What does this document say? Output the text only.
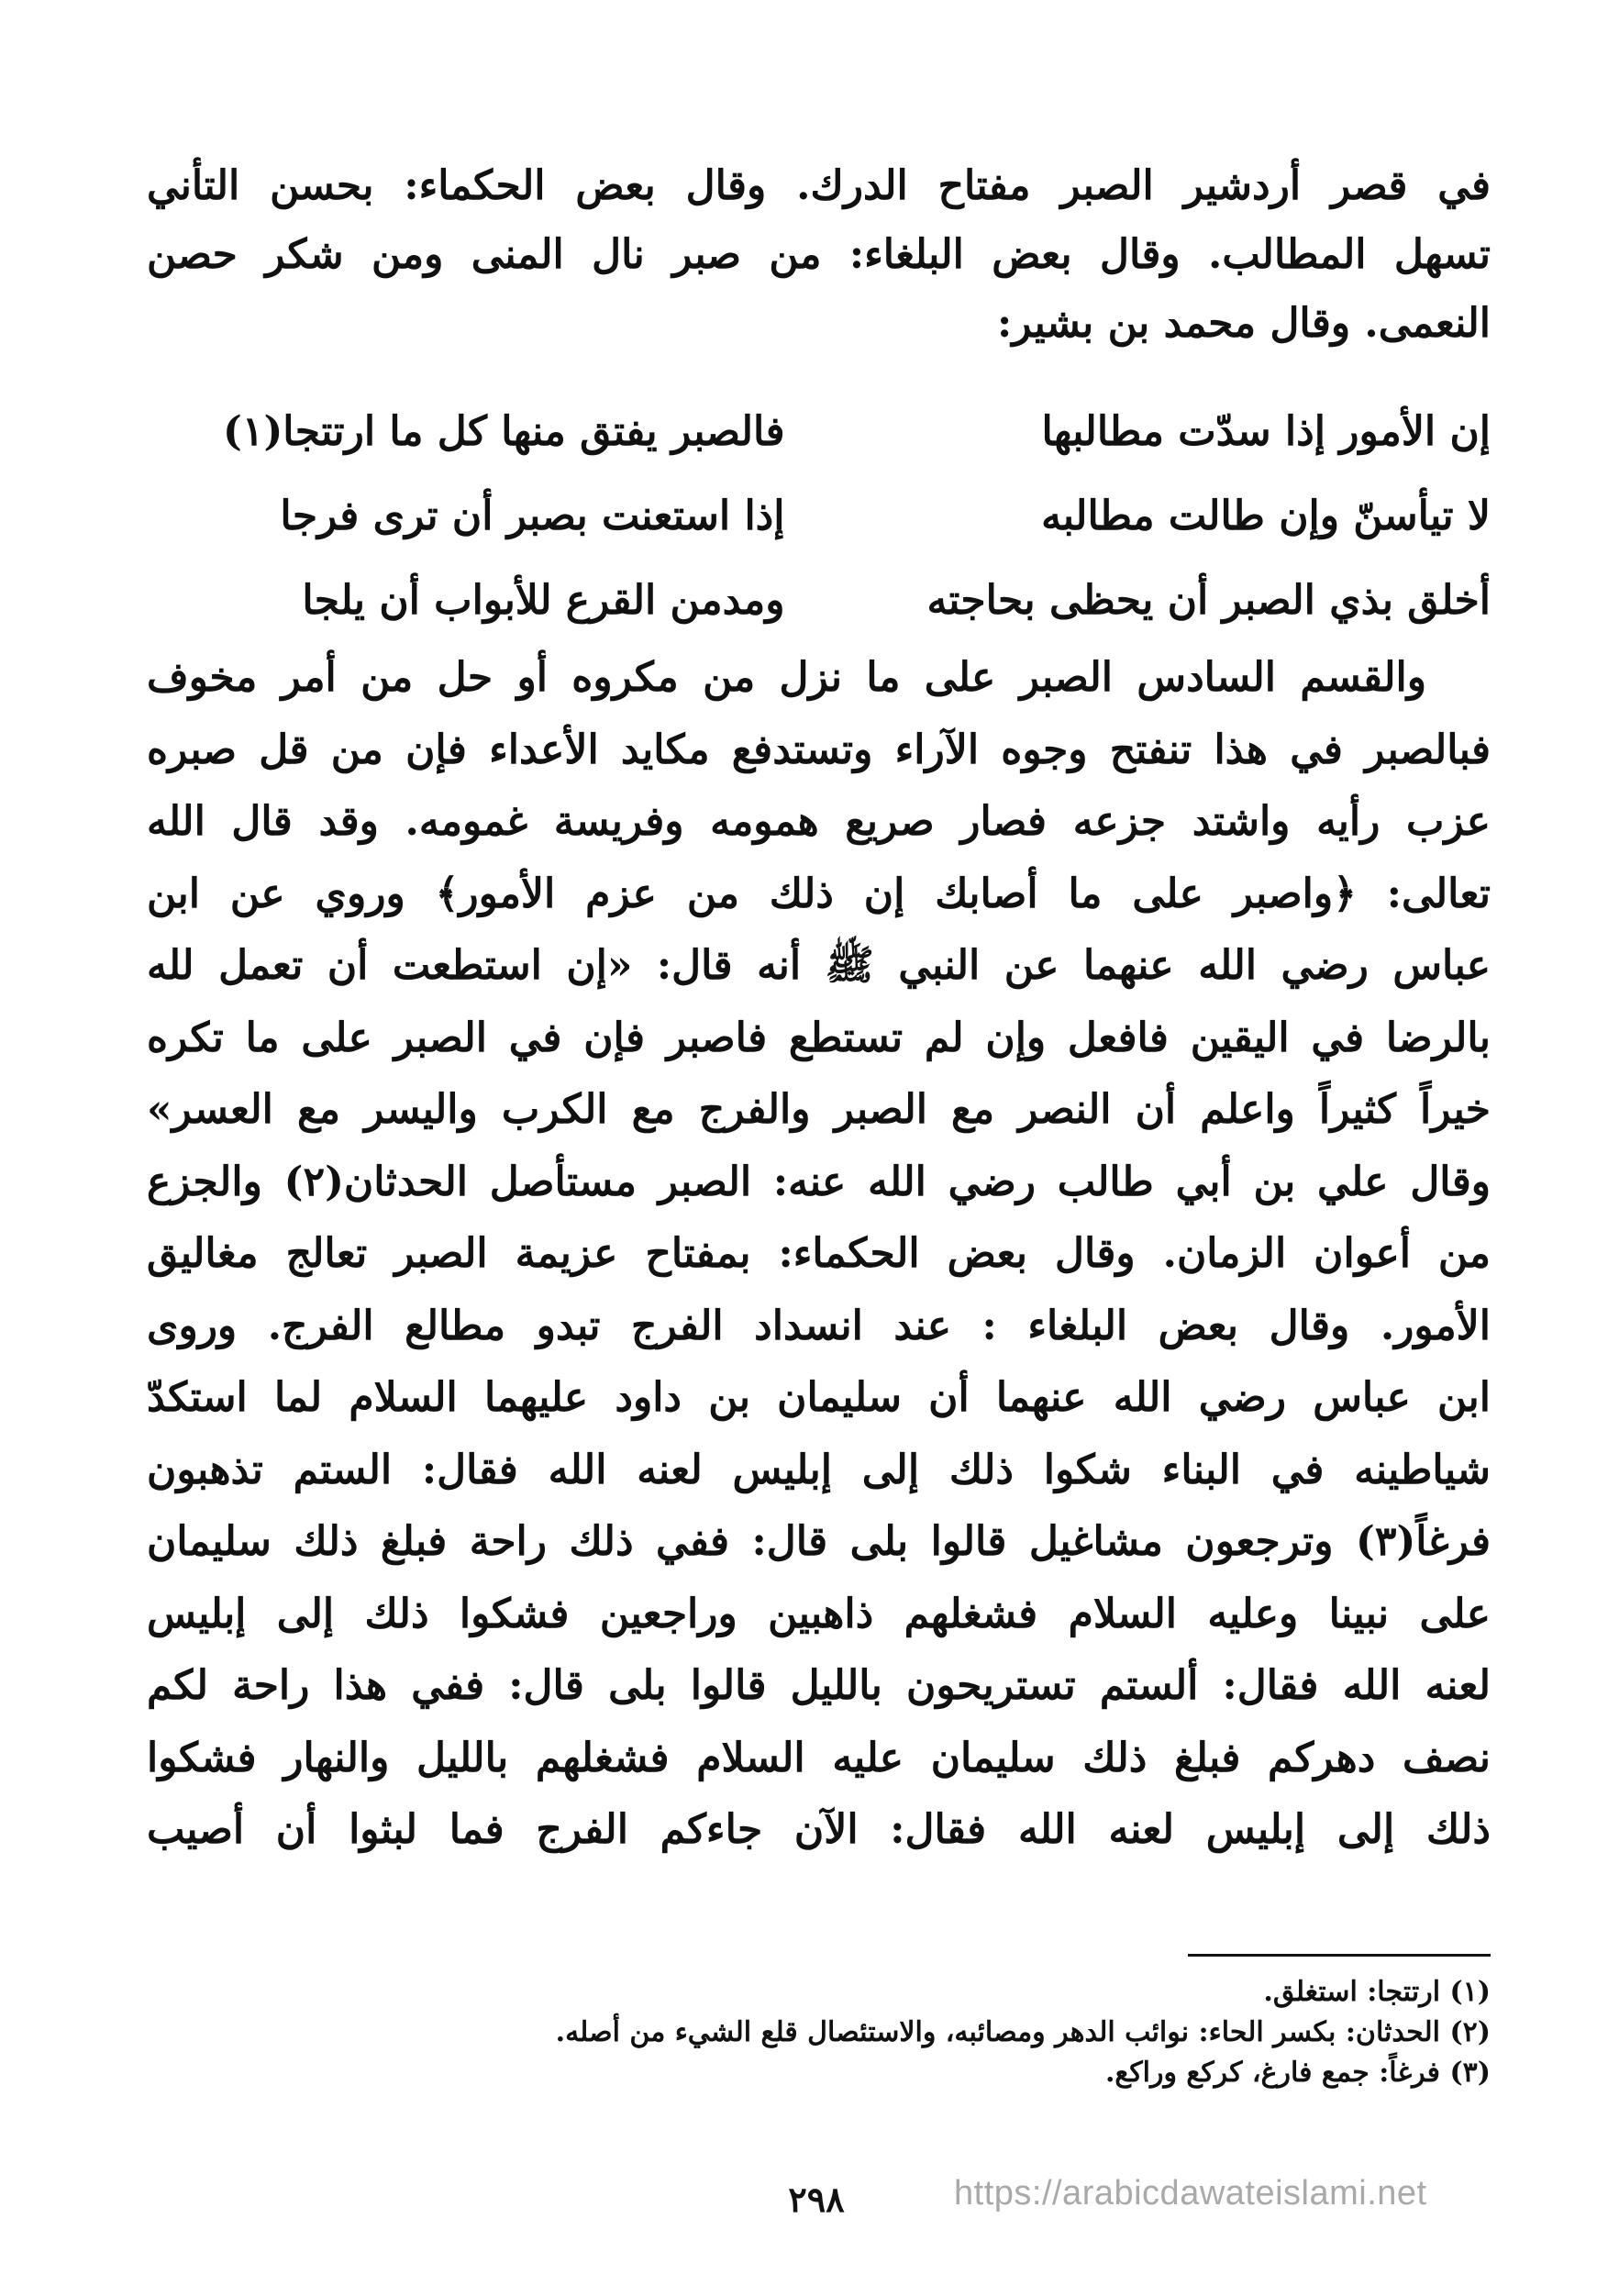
في قصر أردشير الصبر مفتاح الدرك. وقال بعض الحكماء: بحسن التأني
تسهل المطالب. وقال بعض البلغاء: من صبر نال المنى ومن شكر حصن
النعمى. وقال محمد بن بشير:
إن الأمور إذا سدّت مطالبها
فالصبر يفتق منها كل ما ارتتجا(١)
لا تيأسنّ وإن طالت مطالبه
إذا استعنت بصبر أن ترى فرجا
أخلق بذي الصبر أن يحظى بحاجته
ومدمن القرع للأبواب أن يلجا
والقسم السادس الصبر على ما نزل من مكروه أو حل من أمر مخوف
فبالصبر في هذا تنفتح وجوه الآراء وتستدفع مكايد الأعداء فإن من قل صبره
عزب رأيه واشتد جزعه فصار صريع همومه وفريسة غمومه. وقد قال الله
تعالى: ﴿واصبر على ما أصابك إن ذلك من عزم الأمور﴾ وروي عن ابن
عباس رضي الله عنهما عن النبي ﷺ أنه قال: «إن استطعت أن تعمل لله
بالرضا في اليقين فافعل وإن لم تستطع فاصبر فإن في الصبر على ما تكره
خيراً كثيراً واعلم أن النصر مع الصبر والفرج مع الكرب واليسر مع العسر»
وقال علي بن أبي طالب رضي الله عنه: الصبر مستأصل الحدثان(٢) والجزع
من أعوان الزمان. وقال بعض الحكماء: بمفتاح عزيمة الصبر تعالج مغاليق
الأمور. وقال بعض البلغاء : عند انسداد الفرج تبدو مطالع الفرج. وروى
ابن عباس رضي الله عنهما أن سليمان بن داود عليهما السلام لما استكدّ
شياطينه في البناء شكوا ذلك إلى إبليس لعنه الله فقال: الستم تذهبون
فرغاً(٣) وترجعون مشاغيل قالوا بلى قال: ففي ذلك راحة فبلغ ذلك سليمان
على نبينا وعليه السلام فشغلهم ذاهبين وراجعين فشكوا ذلك إلى إبليس
لعنه الله فقال: ألستم تستريحون بالليل قالوا بلى قال: ففي هذا راحة لكم
نصف دهركم فبلغ ذلك سليمان عليه السلام فشغلهم بالليل والنهار فشكوا
ذلك إلى إبليس لعنه الله فقال: الآن جاءكم الفرج فما لبثوا أن أصيب
(١) ارتتجا: استغلق.
(٢) الحدثان: بكسر الحاء: نوائب الدهر ومصائبه، والاستئصال قلع الشيء من أصله.
(٣) فرغاً: جمع فارغ، كركع وراكع.
٢٩٨	https://arabicdawateislami.net
